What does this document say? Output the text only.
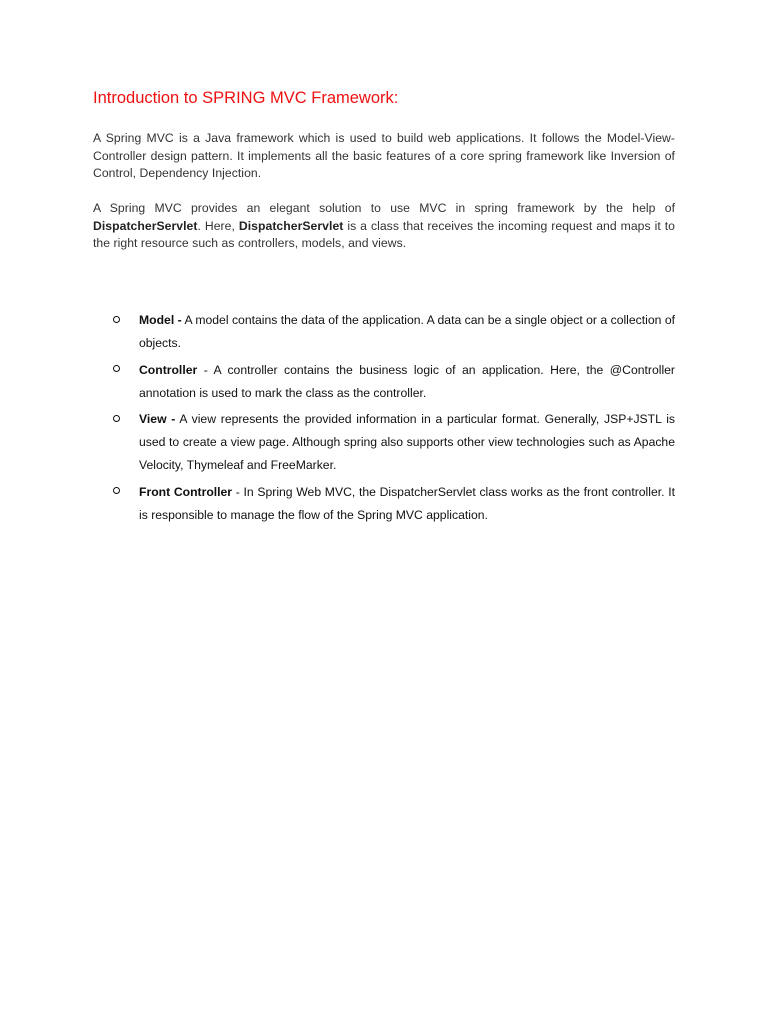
Introduction to SPRING MVC Framework:

A Spring MVC is a Java framework which is used to build web applications. It follows the Model-View-Controller design pattern. It implements all the basic features of a core spring framework like Inversion of Control, Dependency Injection.

A Spring MVC provides an elegant solution to use MVC in spring framework by the help of DispatcherServlet. Here, DispatcherServlet is a class that receives the incoming request and maps it to the right resource such as controllers, models, and views.

Model - A model contains the data of the application. A data can be a single object or a collection of objects.
Controller - A controller contains the business logic of an application. Here, the @Controller annotation is used to mark the class as the controller.
View - A view represents the provided information in a particular format. Generally, JSP+JSTL is used to create a view page. Although spring also supports other view technologies such as Apache Velocity, Thymeleaf and FreeMarker.
Front Controller - In Spring Web MVC, the DispatcherServlet class works as the front controller. It is responsible to manage the flow of the Spring MVC application.
